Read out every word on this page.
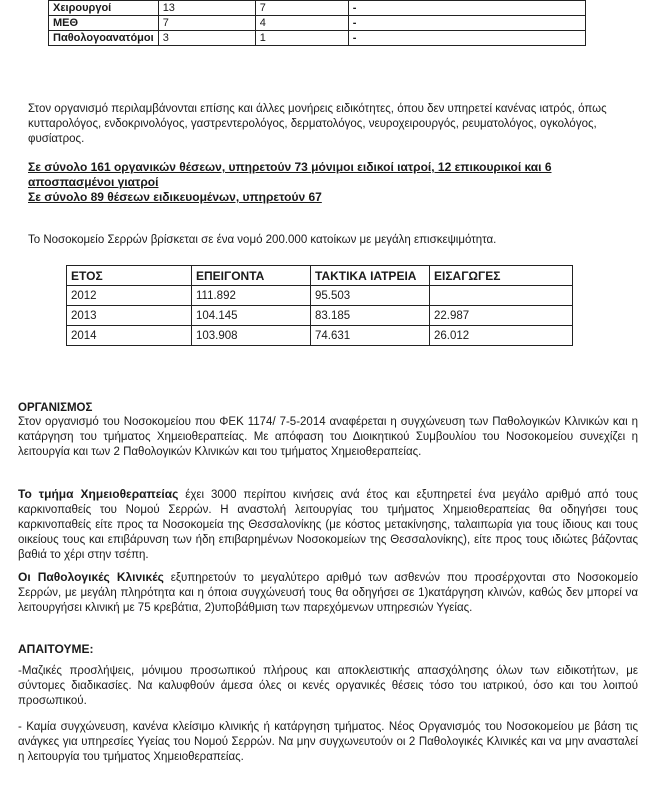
Χειρουργοί	13	7	-
ΜΕΘ	7	4	-
Παθολογοανατόμοι	3	1	-
Στον οργανισμό περιλαμβάνονται επίσης και άλλες μονήρεις ειδικότητες, όπου δεν υπηρετεί κανένας ιατρός, όπως κυτταρολόγος, ενδοκρινολόγος, γαστρεντερολόγος, δερματολόγος, νευροχειρουργός, ρευματολόγος, ογκολόγος, φυσίατρος.
Σε σύνολο 161 οργανικών θέσεων, υπηρετούν 73 μόνιμοι ειδικοί ιατροί, 12 επικουρικοί και 6 αποσπασμένοι γιατροί
Σε σύνολο 89 θέσεων ειδικευομένων, υπηρετούν 67
Το Νοσοκομείο Σερρών βρίσκεται σε ένα νομό 200.000 κατοίκων με μεγάλη επισκεψιμότητα.
ΕΤΟΣ	ΕΠΕΙΓΟΝΤΑ	ΤΑΚΤΙΚΑ ΙΑΤΡΕΙΑ	ΕΙΣΑΓΩΓΕΣ
2012	111.892	95.503	
2013	104.145	83.185	22.987
2014	103.908	74.631	26.012
ΟΡΓΑΝΙΣΜΟΣ
Στον οργανισμό του Νοσοκομείου που ΦΕΚ 1174/ 7-5-2014 αναφέρεται η συγχώνευση των Παθολογικών Κλινικών και η κατάργηση του τμήματος Χημειοθεραπείας. Με απόφαση του Διοικητικού Συμβουλίου του Νοσοκομείου συνεχίζει η λειτουργία και των 2 Παθολογικών Κλινικών και του τμήματος Χημειοθεραπείας.
Το τμήμα Χημειοθεραπείας έχει 3000 περίπου κινήσεις ανά έτος και εξυπηρετεί ένα μεγάλο αριθμό από τους καρκινοπαθείς του Νομού Σερρών. Η αναστολή λειτουργίας του τμήματος Χημειοθεραπείας θα οδηγήσει τους καρκινοπαθείς είτε προς τα Νοσοκομεία της Θεσσαλονίκης (με κόστος μετακίνησης, ταλαιπωρία για τους ίδιους και τους οικείους τους και επιβάρυνση των ήδη επιβαρημένων Νοσοκομείων της Θεσσαλονίκης), είτε προς τους ιδιώτες βάζοντας βαθιά το χέρι στην τσέπη.
Οι Παθολογικές Κλινικές εξυπηρετούν το μεγαλύτερο αριθμό των ασθενών που προσέρχονται στο Νοσοκομείο Σερρών, με μεγάλη πληρότητα και η όποια συγχώνευσή τους θα οδηγήσει σε 1)κατάργηση κλινών, καθώς δεν μπορεί να λειτουργήσει κλινική με 75 κρεβάτια, 2)υποβάθμιση των παρεχόμενων υπηρεσιών Υγείας.
ΑΠΑΙΤΟΥΜΕ:
-Μαζικές προσλήψεις, μόνιμου προσωπικού πλήρους και αποκλειστικής απασχόλησης όλων των ειδικοτήτων, με σύντομες διαδικασίες. Να καλυφθούν άμεσα όλες οι κενές οργανικές θέσεις τόσο του ιατρικού, όσο και του λοιπού προσωπικού.
- Καμία συγχώνευση, κανένα κλείσιμο κλινικής ή κατάργηση τμήματος. Νέος Οργανισμός του Νοσοκομείου με βάση τις ανάγκες για υπηρεσίες Υγείας του Νομού Σερρών. Να μην συγχωνευτούν οι 2 Παθολογικές Κλινικές και να μην ανασταλεί η λειτουργία του τμήματος Χημειοθεραπείας.
